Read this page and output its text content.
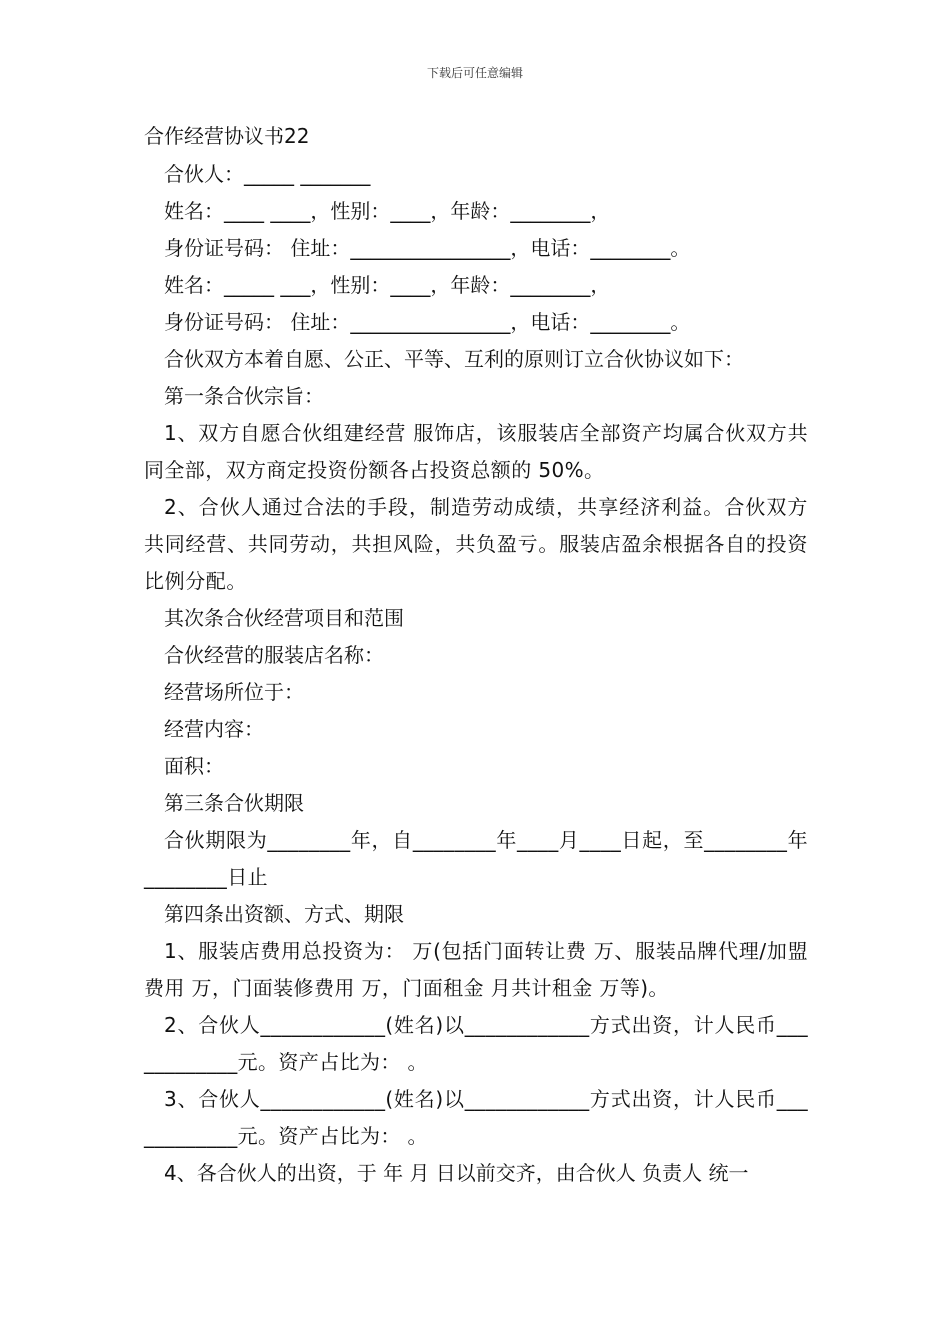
下载后可任意编辑
合作经营协议书22

合伙人：_____ _______

姓名：____ ____，性别：____，年龄：________，

身份证号码： 住址：________________，电话：________。

姓名：_____ ___，性别：____，年龄：________，

身份证号码： 住址：________________，电话：________。

合伙双方本着自愿、公正、平等、互利的原则订立合伙协议如下：

第一条合伙宗旨：

1、双方自愿合伙组建经营 服饰店，该服装店全部资产均属合伙双方共同全部，双方商定投资份额各占投资总额的 50%。

2、合伙人通过合法的手段，制造劳动成绩，共享经济利益。合伙双方共同经营、共同劳动，共担风险，共负盈亏。服装店盈余根据各自的投资比例分配。

其次条合伙经营项目和范围

合伙经营的服装店名称：

经营场所位于：

经营内容：

面积：

第三条合伙期限

合伙期限为________年，自________年____月____日起，至________年________日止

第四条出资额、方式、期限

1、服装店费用总投资为： 万(包括门面转让费 万、服装品牌代理/加盟费用 万，门面装修费用 万，门面租金 月共计租金 万等)。

2、合伙人____________(姓名)以____________方式出资，计人民币____________元。资产占比为： 。

3、合伙人____________(姓名)以____________方式出资，计人民币____________元。资产占比为： 。

4、各合伙人的出资，于 年 月 日以前交齐，由合伙人 负责人 统一
